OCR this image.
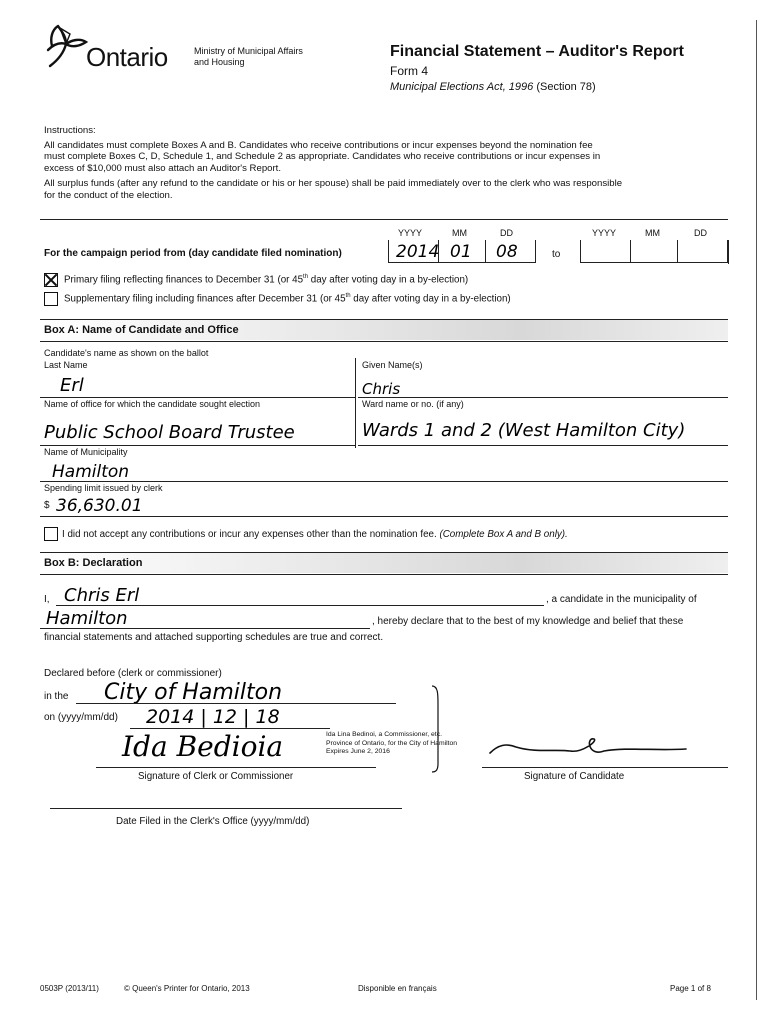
Ontario	Ministry of Municipal Affairs
and Housing
Financial Statement – Auditor's Report
Form 4
Municipal Elections Act, 1996 (Section 78)
Instructions:
All candidates must complete Boxes A and B. Candidates who receive contributions or incur expenses beyond the nomination fee
must complete Boxes C, D, Schedule 1, and Schedule 2 as appropriate. Candidates who receive contributions or incur expenses in
excess of $10,000 must also attach an Auditor's Report.
All surplus funds (after any refund to the candidate or his or her spouse) shall be paid immediately over to the clerk who was responsible
for the conduct of the election.
YYYY	MM	DD	YYYY	MM	DD
For the campaign period from (day candidate filed nomination)	2014 01 08	to
Primary filing reflecting finances to December 31 (or 45th day after voting day in a by-election)
Supplementary filing including finances after December 31 (or 45th day after voting day in a by-election)
Box A: Name of Candidate and Office
Candidate's name as shown on the ballot
Last Name	Given Name(s)
Erl	Chris
Name of office for which the candidate sought election	Ward name or no. (if any)
Public School Board Trustee	Wards 1 and 2 (West Hamilton City)
Name of Municipality
Hamilton
Spending limit issued by clerk
$ 36,630.01
I did not accept any contributions or incur any expenses other than the nomination fee. (Complete Box A and B only).
Box B: Declaration
I, Chris Erl	, a candidate in the municipality of
Hamilton	, hereby declare that to the best of my knowledge and belief that these
financial statements and attached supporting schedules are true and correct.
Declared before (clerk or commissioner)
in the City of Hamilton
on (yyyy/mm/dd) 2014 | 12 | 18
Ida Lina Bedinoi, a Commissioner, etc.
Province of Ontario, for the City of Hamilton
Expires June 2, 2016
Ida Bedioia
Signature of Clerk or Commissioner	Signature of Candidate
Date Filed in the Clerk's Office (yyyy/mm/dd)
0503P (2013/11)	© Queen's Printer for Ontario, 2013	Disponible en français	Page 1 of 8
